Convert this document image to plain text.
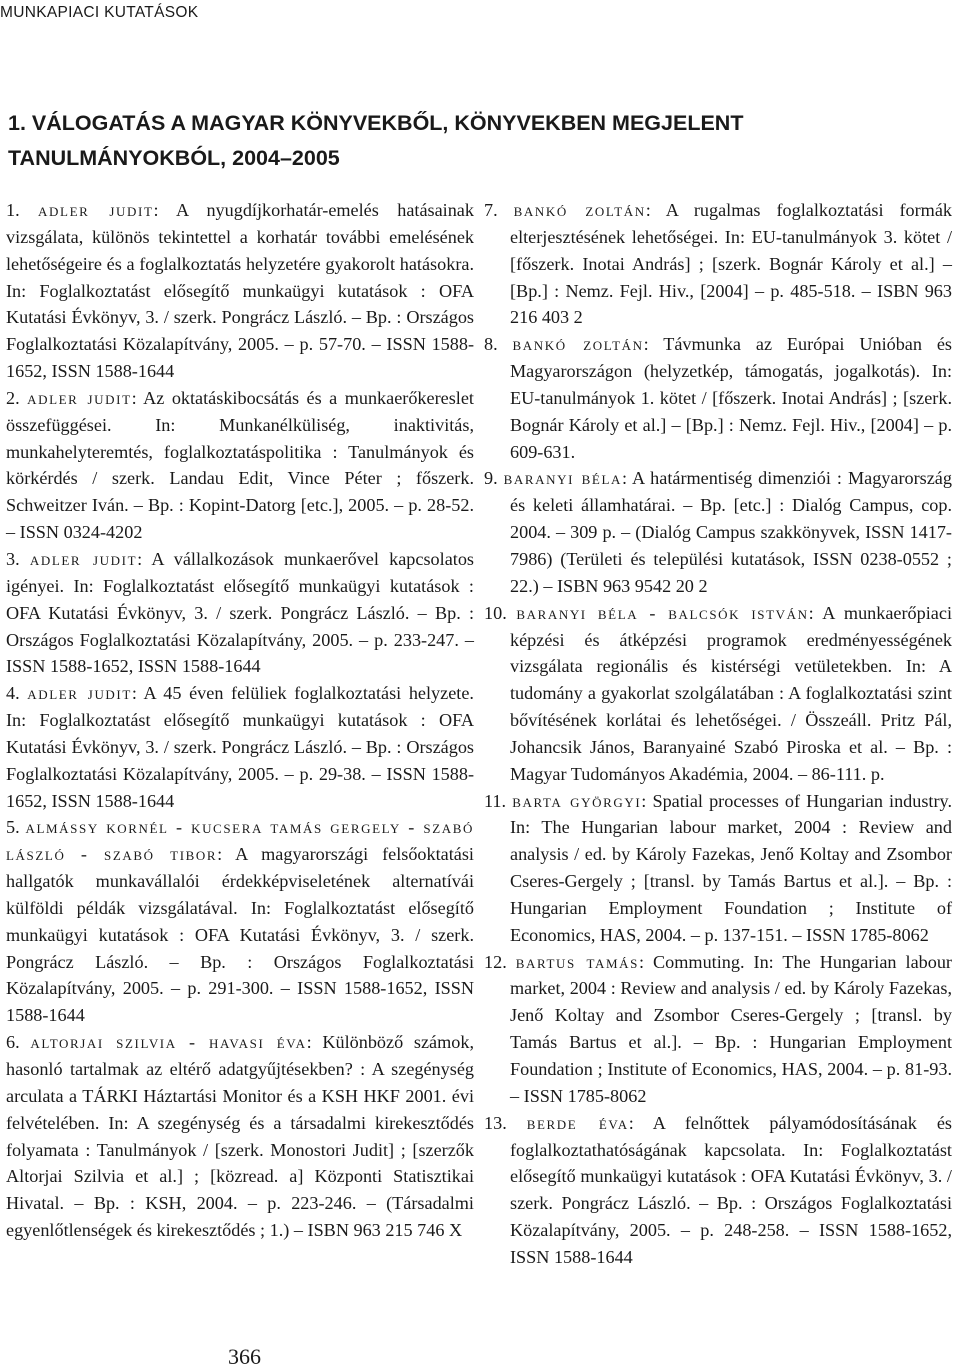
MUNKAPIACI KUTATÁSOK
1. VÁLOGATÁS A MAGYAR KÖNYVEKBŐL, KÖNYVEKBEN MEGJELENT TANULMÁNYOKBÓL, 2004–2005
1. adler judit: A nyugdíjkorhatár-emelés hatásainak vizsgálata, különös tekintettel a korhatár további emelésének lehetőségeire és a foglalkoztatás helyzetére gyakorolt hatásokra. In: Foglalkoztatást elősegítő munkaügyi kutatások : OFA Kutatási Évkönyv, 3. / szerk. Pongrácz László. – Bp. : Országos Foglalkoztatási Közalapítvány, 2005. – p. 57-70. – ISSN 1588-1652, ISSN 1588-1644
2. adler judit: Az oktatáskibocsátás és a munkaerőkereslet összefüggései. In: Munkanélküliség, inaktivitás, munkahelyteremtés, foglalkoztatáspolitika : Tanulmányok és körkérdés / szerk. Landau Edit, Vince Péter ; főszerk. Schweitzer Iván. – Bp. : Kopint-Datorg [etc.], 2005. – p. 28-52. – ISSN 0324-4202
3. adler judit: A vállalkozások munkaerővel kapcsolatos igényei. In: Foglalkoztatást elősegítő munkaügyi kutatások : OFA Kutatási Évkönyv, 3. / szerk. Pongrácz László. – Bp. : Országos Foglalkoztatási Közalapítvány, 2005. – p. 233-247. – ISSN 1588-1652, ISSN 1588-1644
4. adler judit: A 45 éven felüliek foglalkoztatási helyzete. In: Foglalkoztatást elősegítő munkaügyi kutatások : OFA Kutatási Évkönyv, 3. / szerk. Pongrácz László. – Bp. : Országos Foglalkoztatási Közalapítvány, 2005. – p. 29-38. – ISSN 1588-1652, ISSN 1588-1644
5. almássy kornél - kucsera tamás gergely - szabó lászló - szabó tibor: A magyarországi felsőoktatási hallgatók munkavállalói érdekképviseletének alternatívái külföldi példák vizsgálatával. In: Foglalkoztatást elősegítő munkaügyi kutatások : OFA Kutatási Évkönyv, 3. / szerk. Pongrácz László. – Bp. : Országos Foglalkoztatási Közalapítvány, 2005. – p. 291-300. – ISSN 1588-1652, ISSN 1588-1644
6. altorjai szilvia - havasi éva: Különböző számok, hasonló tartalmak az eltérő adatgyűjtésekben? : A szegénység arculata a TÁRKI Háztartási Monitor és a KSH HKF 2001. évi felvételében. In: A szegénység és a társadalmi kirekesztődés folyamata : Tanulmányok / [szerk. Monostori Judit] ; [szerzők Altorjai Szilvia et al.] ; [közread. a] Központi Statisztikai Hivatal. – Bp. : KSH, 2004. – p. 223-246. – (Társadalmi egyenlőtlenségek és kirekesztődés ; 1.) – ISBN 963 215 746 X
7. bankó zoltán: A rugalmas foglalkoztatási formák elterjesztésének lehetőségei. In: EU-tanulmányok 3. kötet / [főszerk. Inotai András] ; [szerk. Bognár Károly et al.] – [Bp.] : Nemz. Fejl. Hiv., [2004] – p. 485-518. – ISBN 963 216 403 2
8. bankó zoltán: Távmunka az Európai Unióban és Magyarországon (helyzetkép, támogatás, jogalkotás). In: EU-tanulmányok 1. kötet / [főszerk. Inotai András] ; [szerk. Bognár Károly et al.] – [Bp.] : Nemz. Fejl. Hiv., [2004] – p. 609-631.
9. baranyi béla: A határmentiség dimenziói : Magyarország és keleti államhatárai. – Bp. [etc.] : Dialóg Campus, cop. 2004. – 309 p. – (Dialóg Campus szakkönyvek, ISSN 1417-7986) (Területi és települési kutatások, ISSN 0238-0552 ; 22.) – ISBN 963 9542 20 2
10. baranyi béla - balcsók istván: A munkaerőpiaci képzési és átképzési programok eredményességének vizsgálata regionális és kistérségi vetületekben. In: A tudomány a gyakorlat szolgálatában : A foglalkoztatási szint bővítésének korlátai és lehetőségei. / Összeáll. Pritz Pál, Johancsik János, Baranyainé Szabó Piroska et al. – Bp. : Magyar Tudományos Akadémia, 2004. – 86-111. p.
11. barta györgyi: Spatial processes of Hungarian industry. In: The Hungarian labour market, 2004 : Review and analysis / ed. by Károly Fazekas, Jenő Koltay and Zsombor Cseres-Gergely ; [transl. by Tamás Bartus et al.]. – Bp. : Hungarian Employment Foundation ; Institute of Economics, HAS, 2004. – p. 137-151. – ISSN 1785-8062
12. bartus tamás: Commuting. In: The Hungarian labour market, 2004 : Review and analysis / ed. by Károly Fazekas, Jenő Koltay and Zsombor Cseres-Gergely ; [transl. by Tamás Bartus et al.]. – Bp. : Hungarian Employment Foundation ; Institute of Economics, HAS, 2004. – p. 81-93. – ISSN 1785-8062
13. berde éva: A felnőttek pályamódosításának és foglalkoztathatóságának kapcsolata. In: Foglalkoztatást elősegítő munkaügyi kutatások : OFA Kutatási Évkönyv, 3. / szerk. Pongrácz László. – Bp. : Országos Foglalkoztatási Közalapítvány, 2005. – p. 248-258. – ISSN 1588-1652, ISSN 1588-1644
366
